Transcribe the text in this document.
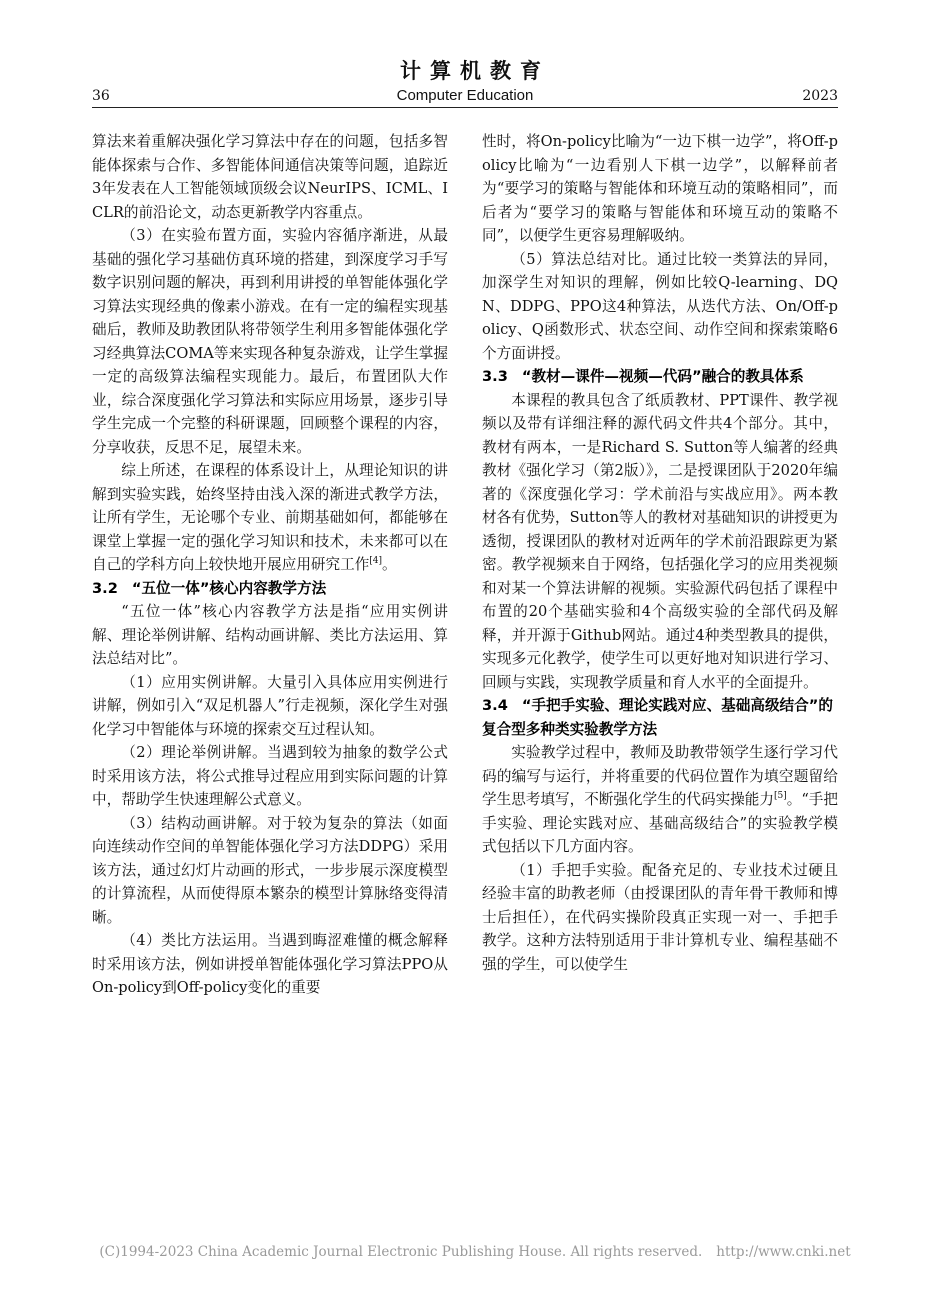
计算机教育
36	Computer Education	2023

算法来着重解决强化学习算法中存在的问题，包括多智能体探索与合作、多智能体间通信决策等问题，追踪近3年发表在人工智能领域顶级会议NeurIPS、ICML、ICLR的前沿论文，动态更新教学内容重点。

（3）在实验布置方面，实验内容循序渐进，从最基础的强化学习基础仿真环境的搭建，到深度学习手写数字识别问题的解决，再到利用讲授的单智能体强化学习算法实现经典的像素小游戏。在有一定的编程实现基础后，教师及助教团队将带领学生利用多智能体强化学习经典算法COMA等来实现各种复杂游戏，让学生掌握一定的高级算法编程实现能力。最后，布置团队大作业，综合深度强化学习算法和实际应用场景，逐步引导学生完成一个完整的科研课题，回顾整个课程的内容，分享收获，反思不足，展望未来。

综上所述，在课程的体系设计上，从理论知识的讲解到实验实践，始终坚持由浅入深的渐进式教学方法，让所有学生，无论哪个专业、前期基础如何，都能够在课堂上掌握一定的强化学习知识和技术，未来都可以在自己的学科方向上较快地开展应用研究工作[4]。

3.2 “五位一体”核心内容教学方法

“五位一体”核心内容教学方法是指“应用实例讲解、理论举例讲解、结构动画讲解、类比方法运用、算法总结对比”。

（1）应用实例讲解。大量引入具体应用实例进行讲解，例如引入“双足机器人”行走视频，深化学生对强化学习中智能体与环境的探索交互过程认知。

（2）理论举例讲解。当遇到较为抽象的数学公式时采用该方法，将公式推导过程应用到实际问题的计算中，帮助学生快速理解公式意义。

（3）结构动画讲解。对于较为复杂的算法（如面向连续动作空间的单智能体强化学习方法DDPG）采用该方法，通过幻灯片动画的形式，一步步展示深度模型的计算流程，从而使得原本繁杂的模型计算脉络变得清晰。

（4）类比方法运用。当遇到晦涩难懂的概念解释时采用该方法，例如讲授单智能体强化学习算法PPO从On-policy到Off-policy变化的重要

性时，将On-policy比喻为“一边下棋一边学”，将Off-policy比喻为“一边看别人下棋一边学”，以解释前者为“要学习的策略与智能体和环境互动的策略相同”，而后者为“要学习的策略与智能体和环境互动的策略不同”，以便学生更容易理解吸纳。

（5）算法总结对比。通过比较一类算法的异同，加深学生对知识的理解，例如比较Q-learning、DQN、DDPG、PPO这4种算法，从迭代方法、On/Off-policy、Q函数形式、状态空间、动作空间和探索策略6个方面讲授。

3.3 “教材—课件—视频—代码”融合的教具体系

本课程的教具包含了纸质教材、PPT课件、教学视频以及带有详细注释的源代码文件共4个部分。其中，教材有两本，一是Richard S. Sutton等人编著的经典教材《强化学习（第2版）》，二是授课团队于2020年编著的《深度强化学习：学术前沿与实战应用》。两本教材各有优势，Sutton等人的教材对基础知识的讲授更为透彻，授课团队的教材对近两年的学术前沿跟踪更为紧密。教学视频来自于网络，包括强化学习的应用类视频和对某一个算法讲解的视频。实验源代码包括了课程中布置的20个基础实验和4个高级实验的全部代码及解释，并开源于Github网站。通过4种类型教具的提供，实现多元化教学，使学生可以更好地对知识进行学习、回顾与实践，实现教学质量和育人水平的全面提升。

3.4 “手把手实验、理论实践对应、基础高级结合”的复合型多种类实验教学方法

实验教学过程中，教师及助教带领学生逐行学习代码的编写与运行，并将重要的代码位置作为填空题留给学生思考填写，不断强化学生的代码实操能力[5]。“手把手实验、理论实践对应、基础高级结合”的实验教学模式包括以下几方面内容。

（1）手把手实验。配备充足的、专业技术过硬且经验丰富的助教老师（由授课团队的青年骨干教师和博士后担任），在代码实操阶段真正实现一对一、手把手教学。这种方法特别适用于非计算机专业、编程基础不强的学生，可以使学生

(C)1994-2023 China Academic Journal Electronic Publishing House. All rights reserved. http://www.cnki.net
